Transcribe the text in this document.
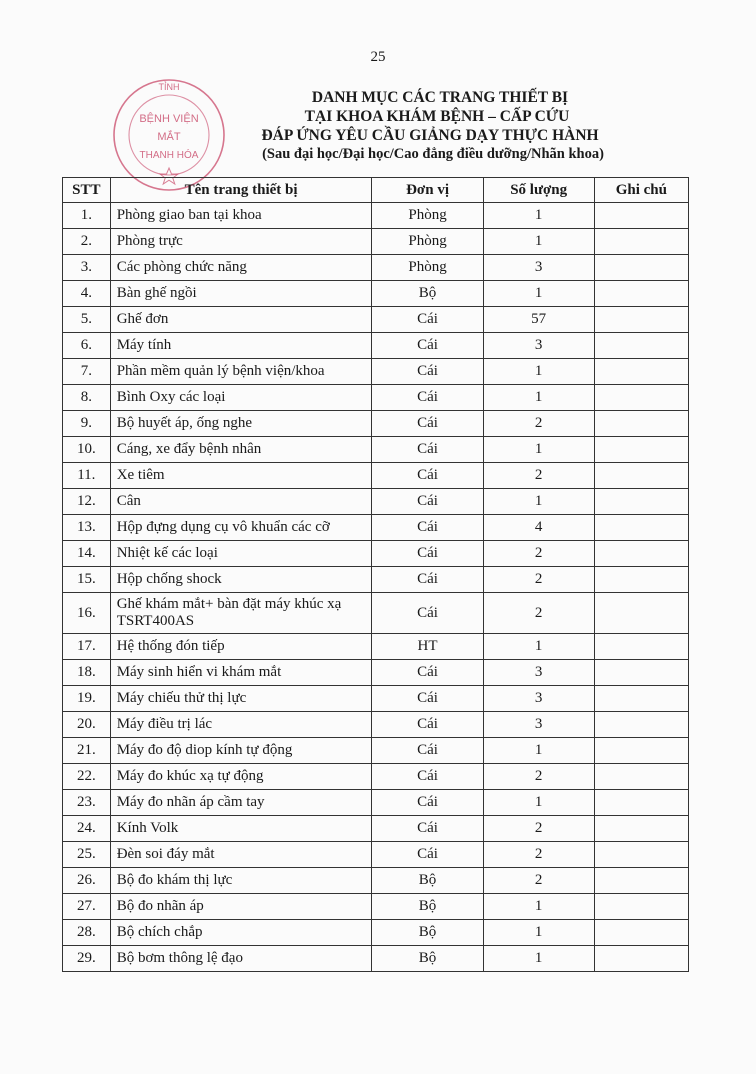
25
TỈNH
BỆNH VIỆN
MẮT
THANH HÓA
DANH MỤC CÁC TRANG THIẾT BỊ
TẠI KHOA KHÁM BỆNH – CẤP CỨU
ĐÁP ỨNG YÊU CẦU GIẢNG DẠY THỰC HÀNH
(Sau đại học/Đại học/Cao đẳng điều dưỡng/Nhãn khoa)
STT	Tên trang thiết bị	Đơn vị	Số lượng	Ghi chú
1.	Phòng giao ban tại khoa	Phòng	1	
2.	Phòng trực	Phòng	1	
3.	Các phòng chức năng	Phòng	3	
4.	Bàn ghế ngồi	Bộ	1	
5.	Ghế đơn	Cái	57	
6.	Máy tính	Cái	3	
7.	Phần mềm quản lý bệnh viện/khoa	Cái	1	
8.	Bình Oxy các loại	Cái	1	
9.	Bộ huyết áp, ống nghe	Cái	2	
10.	Cáng, xe đẩy bệnh nhân	Cái	1	
11.	Xe tiêm	Cái	2	
12.	Cân	Cái	1	
13.	Hộp đựng dụng cụ vô khuẩn các cỡ	Cái	4	
14.	Nhiệt kế các loại	Cái	2	
15.	Hộp chống shock	Cái	2	
16.	Ghế khám mắt+ bàn đặt máy khúc xạ TSRT400AS	Cái	2	
17.	Hệ thống đón tiếp	HT	1	
18.	Máy sinh hiển vi khám mắt	Cái	3	
19.	Máy chiếu thử thị lực	Cái	3	
20.	Máy điều trị lác	Cái	3	
21.	Máy đo độ diop kính tự động	Cái	1	
22.	Máy đo khúc xạ tự động	Cái	2	
23.	Máy đo nhãn áp cầm tay	Cái	1	
24.	Kính Volk	Cái	2	
25.	Đèn soi đáy mắt	Cái	2	
26.	Bộ đo khám thị lực	Bộ	2	
27.	Bộ đo nhãn áp	Bộ	1	
28.	Bộ chích chắp	Bộ	1	
29.	Bộ bơm thông lệ đạo	Bộ	1	
